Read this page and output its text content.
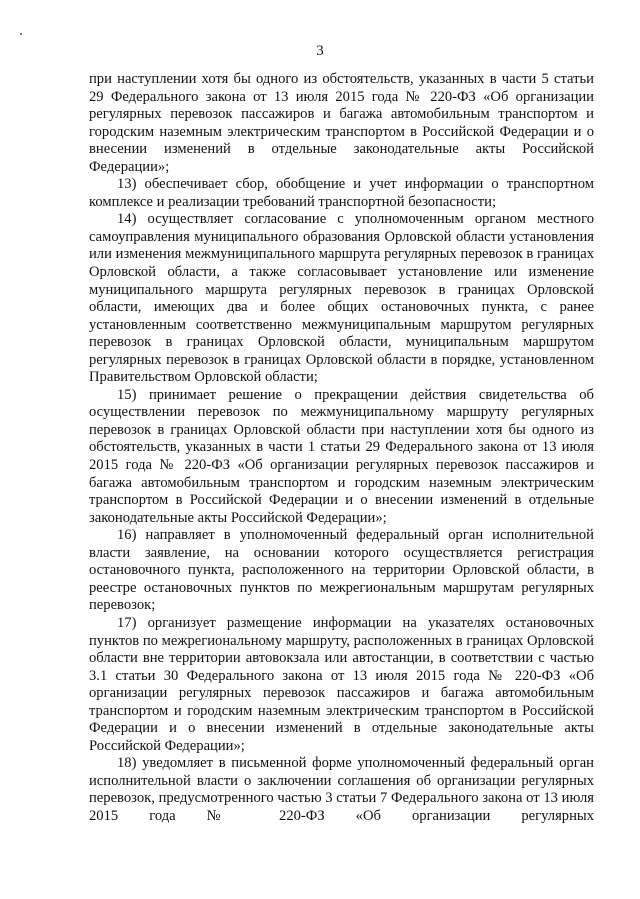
3

при наступлении хотя бы одного из обстоятельств, указанных в части 5 статьи 29 Федерального закона от 13 июля 2015 года № 220-ФЗ «Об организации регулярных перевозок пассажиров и багажа автомобильным транспортом и городским наземным электрическим транспортом в Российской Федерации и о внесении изменений в отдельные законодательные акты Российской Федерации»;

13) обеспечивает сбор, обобщение и учет информации о транспортном комплексе и реализации требований транспортной безопасности;

14) осуществляет согласование с уполномоченным органом местного самоуправления муниципального образования Орловской области установления или изменения межмуниципального маршрута регулярных перевозок в границах Орловской области, а также согласовывает установление или изменение муниципального маршрута регулярных перевозок в границах Орловской области, имеющих два и более общих остановочных пункта, с ранее установленным соответственно межмуниципальным маршрутом регулярных перевозок в границах Орловской области, муниципальным маршрутом регулярных перевозок в границах Орловской области в порядке, установленном Правительством Орловской области;

15) принимает решение о прекращении действия свидетельства об осуществлении перевозок по межмуниципальному маршруту регулярных перевозок в границах Орловской области при наступлении хотя бы одного из обстоятельств, указанных в части 1 статьи 29 Федерального закона от 13 июля 2015 года № 220-ФЗ «Об организации регулярных перевозок пассажиров и багажа автомобильным транспортом и городским наземным электрическим транспортом в Российской Федерации и о внесении изменений в отдельные законодательные акты Российской Федерации»;

16) направляет в уполномоченный федеральный орган исполнительной власти заявление, на основании которого осуществляется регистрация остановочного пункта, расположенного на территории Орловской области, в реестре остановочных пунктов по межрегиональным маршрутам регулярных перевозок;

17) организует размещение информации на указателях остановочных пунктов по межрегиональному маршруту, расположенных в границах Орловской области вне территории автовокзала или автостанции, в соответствии с частью 3.1 статьи 30 Федерального закона от 13 июля 2015 года № 220-ФЗ «Об организации регулярных перевозок пассажиров и багажа автомобильным транспортом и городским наземным электрическим транспортом в Российской Федерации и о внесении изменений в отдельные законодательные акты Российской Федерации»;

18) уведомляет в письменной форме уполномоченный федеральный орган исполнительной власти о заключении соглашения об организации регулярных перевозок, предусмотренного частью 3 статьи 7 Федерального закона от 13 июля 2015 года № 220-ФЗ «Об организации регулярных
